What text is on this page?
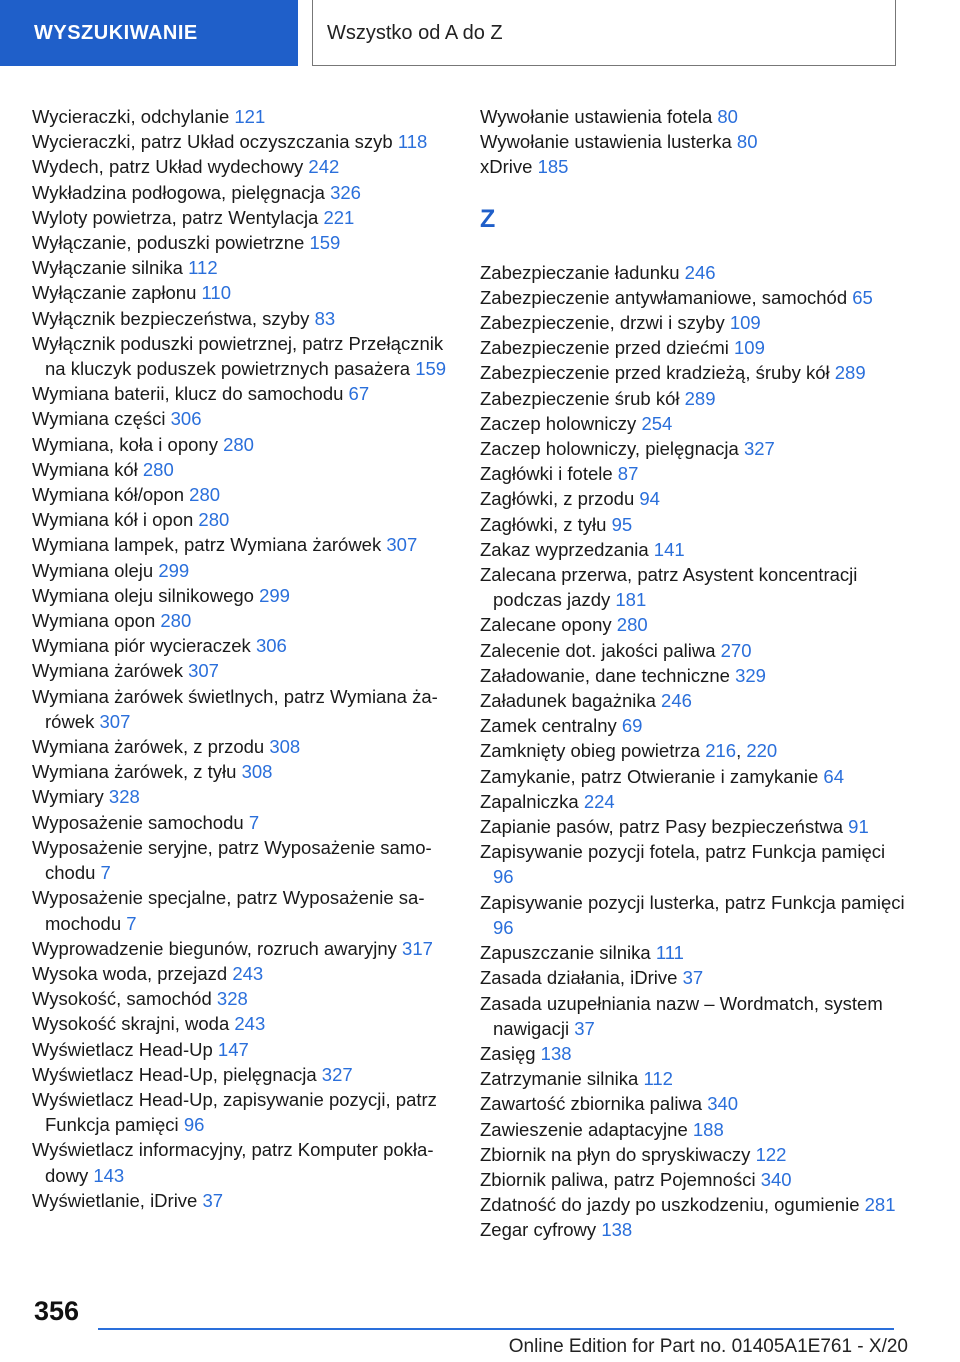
WYSZUKIWANIE	Wszystko od A do Z
Wycieraczki, odchylanie 121
Wycieraczki, patrz Układ oczyszczania szyb 118
Wydech, patrz Układ wydechowy 242
Wykładzina podłogowa, pielęgnacja 326
Wyloty powietrza, patrz Wentylacja 221
Wyłączanie, poduszki powietrzne 159
Wyłączanie silnika 112
Wyłączanie zapłonu 110
Wyłącznik bezpieczeństwa, szyby 83
Wyłącznik poduszki powietrznej, patrz Przełącznik na kluczyk poduszek powietrznych pasażera 159
Wymiana baterii, klucz do samochodu 67
Wymiana części 306
Wymiana, koła i opony 280
Wymiana kół 280
Wymiana kół/opon 280
Wymiana kół i opon 280
Wymiana lampek, patrz Wymiana żarówek 307
Wymiana oleju 299
Wymiana oleju silnikowego 299
Wymiana opon 280
Wymiana piór wycieraczek 306
Wymiana żarówek 307
Wymiana żarówek świetlnych, patrz Wymiana żarówek 307
Wymiana żarówek, z przodu 308
Wymiana żarówek, z tyłu 308
Wymiary 328
Wyposażenie samochodu 7
Wyposażenie seryjne, patrz Wyposażenie samochodu 7
Wyposażenie specjalne, patrz Wyposażenie samochodu 7
Wyprowadzenie biegunów, rozruch awaryjny 317
Wysoka woda, przejazd 243
Wysokość, samochód 328
Wysokość skrajni, woda 243
Wyświetlacz Head-Up 147
Wyświetlacz Head-Up, pielęgnacja 327
Wyświetlacz Head-Up, zapisywanie pozycji, patrz Funkcja pamięci 96
Wyświetlacz informacyjny, patrz Komputer pokładowy 143
Wyświetlanie, iDrive 37
Wywołanie ustawienia fotela 80
Wywołanie ustawienia lusterka 80
xDrive 185
Z
Zabezpieczanie ładunku 246
Zabezpieczenie antywłamaniowe, samochód 65
Zabezpieczenie, drzwi i szyby 109
Zabezpieczenie przed dziećmi 109
Zabezpieczenie przed kradzieżą, śruby kół 289
Zabezpieczenie śrub kół 289
Zaczep holowniczy 254
Zaczep holowniczy, pielęgnacja 327
Zagłówki i fotele 87
Zagłówki, z przodu 94
Zagłówki, z tyłu 95
Zakaz wyprzedzania 141
Zalecana przerwa, patrz Asystent koncentracji podczas jazdy 181
Zalecane opony 280
Zalecenie dot. jakości paliwa 270
Załadowanie, dane techniczne 329
Załadunek bagażnika 246
Zamek centralny 69
Zamknięty obieg powietrza 216, 220
Zamykanie, patrz Otwieranie i zamykanie 64
Zapalniczka 224
Zapianie pasów, patrz Pasy bezpieczeństwa 91
Zapisywanie pozycji fotela, patrz Funkcja pamięci 96
Zapisywanie pozycji lusterka, patrz Funkcja pamięci 96
Zapuszczanie silnika 111
Zasada działania, iDrive 37
Zasada uzupełniania nazw – Wordmatch, system nawigacji 37
Zasięg 138
Zatrzymanie silnika 112
Zawartość zbiornika paliwa 340
Zawieszenie adaptacyjne 188
Zbiornik na płyn do spryskiwaczy 122
Zbiornik paliwa, patrz Pojemności 340
Zdatność do jazdy po uszkodzeniu, ogumienie 281
Zegar cyfrowy 138
356
Online Edition for Part no. 01405A1E761 - X/20
